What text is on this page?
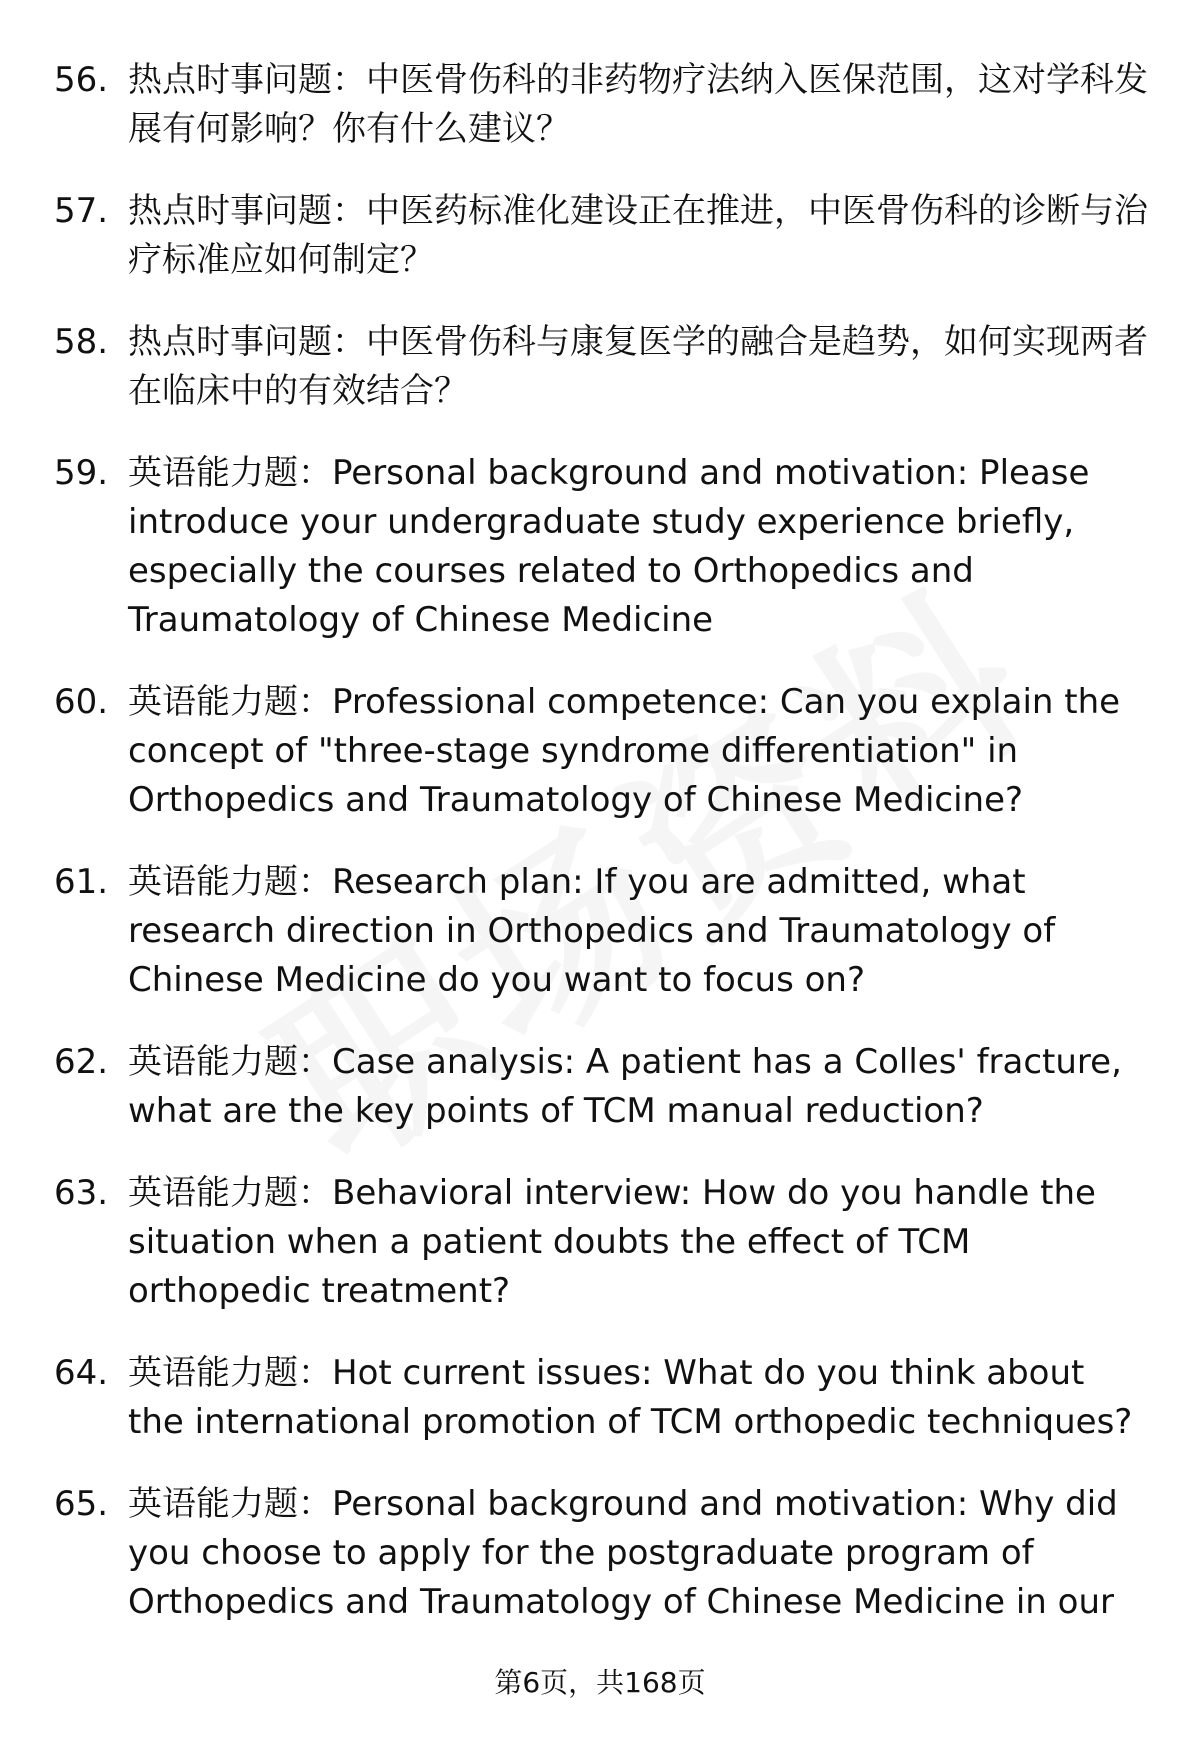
56. 热点时事问题：中医骨伤科的非药物疗法纳入医保范围，这对学科发展有何影响？你有什么建议？
57. 热点时事问题：中医药标准化建设正在推进，中医骨伤科的诊断与治疗标准应如何制定？
58. 热点时事问题：中医骨伤科与康复医学的融合是趋势，如何实现两者在临床中的有效结合？
59. 英语能力题：Personal background and motivation: Please introduce your undergraduate study experience briefly, especially the courses related to Orthopedics and Traumatology of Chinese Medicine
60. 英语能力题：Professional competence: Can you explain the concept of "three-stage syndrome differentiation" in Orthopedics and Traumatology of Chinese Medicine?
61. 英语能力题：Research plan: If you are admitted, what research direction in Orthopedics and Traumatology of Chinese Medicine do you want to focus on?
62. 英语能力题：Case analysis: A patient has a Colles' fracture, what are the key points of TCM manual reduction?
63. 英语能力题：Behavioral interview: How do you handle the situation when a patient doubts the effect of TCM orthopedic treatment?
64. 英语能力题：Hot current issues: What do you think about the international promotion of TCM orthopedic techniques?
65. 英语能力题：Personal background and motivation: Why did you choose to apply for the postgraduate program of Orthopedics and Traumatology of Chinese Medicine in our
第6页，共168页
